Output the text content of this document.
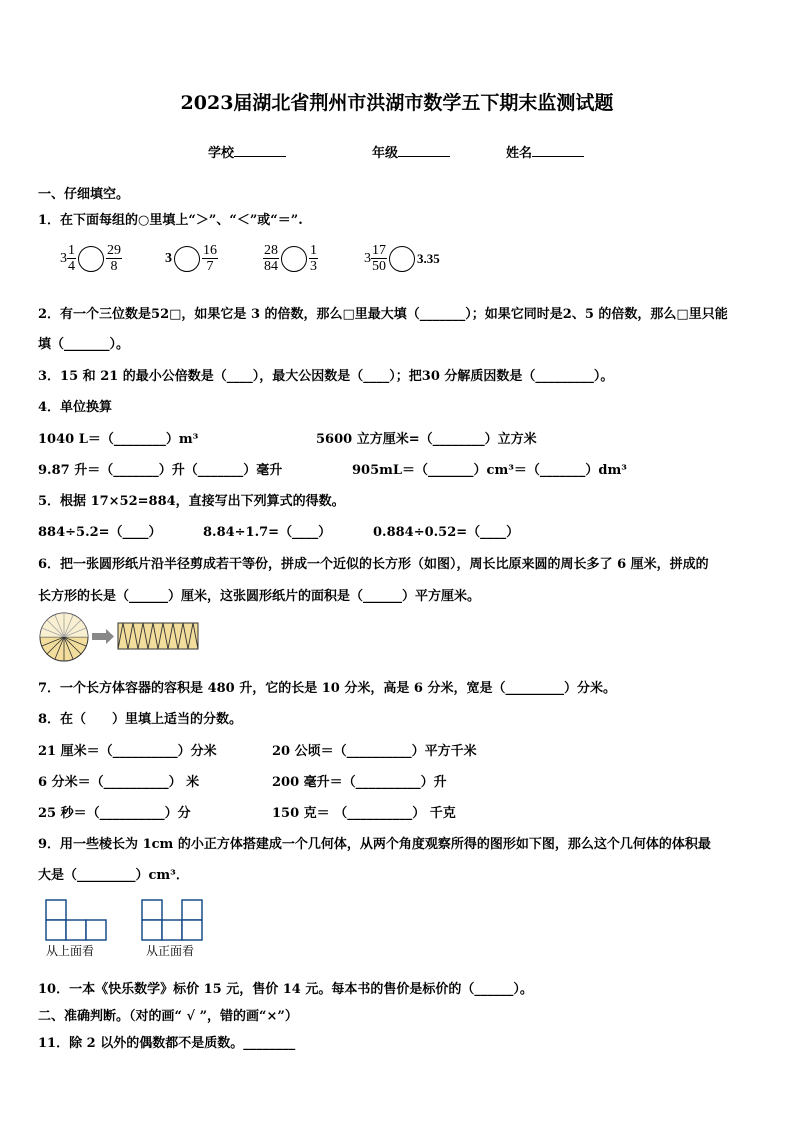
2023届湖北省荆州市洪湖市数学五下期末监测试题
学校	年级	姓名
一、仔细填空。
1．在下面每组的○里填上“＞”、“＜”或“＝”.
$3 \frac{1}{4} \frac{29}{8}$	$3 \frac{16}{7}$	$\frac{28}{84} \frac{1}{3}$	$3 \frac{17}{50} 3.35$
2．有一个三位数是52□，如果它是 3 的倍数，那么□里最大填（_______）；如果它同时是2、5 的倍数，那么□里只能
填（_______）。
3．15 和 21 的最小公倍数是（____），最大公因数是（____）；把30 分解质因数是（_________）。
4．单位换算
1040 L＝（________）m³	5600 立方厘米=（________）立方米
9.87 升＝（_______）升（_______）毫升	905mL＝（_______）cm³＝（_______）dm³
5．根据 17×52=884，直接写出下列算式的得数。
884÷5.2=（____）	8.84÷1.7=（____）	0.884÷0.52=（____）
6．把一张圆形纸片沿半径剪成若干等份，拼成一个近似的长方形（如图），周长比原来圆的周长多了 6 厘米，拼成的
长方形的长是（______）厘米，这张圆形纸片的面积是（______）平方厘米。
7．一个长方体容器的容积是 480 升，它的长是 10 分米，高是 6 分米，宽是（_________）分米。
8．在（　　）里填上适当的分数。
21 厘米＝（__________）分米	20 公顷＝（__________）平方千米
6 分米＝（__________） 米	200 毫升＝（__________）升
25 秒＝（__________）分	150 克＝ （__________） 千克
9．用一些棱长为 1cm 的小正方体搭建成一个几何体，从两个角度观察所得的图形如下图，那么这个几何体的体积最
大是（_________）cm³．
从上面看	从正面看
10．一本《快乐数学》标价 15 元，售价 14 元。每本书的售价是标价的（______）。
二、准确判断。（对的画“ √ ”，错的画“×”）
11．除 2 以外的偶数都不是质数。________
